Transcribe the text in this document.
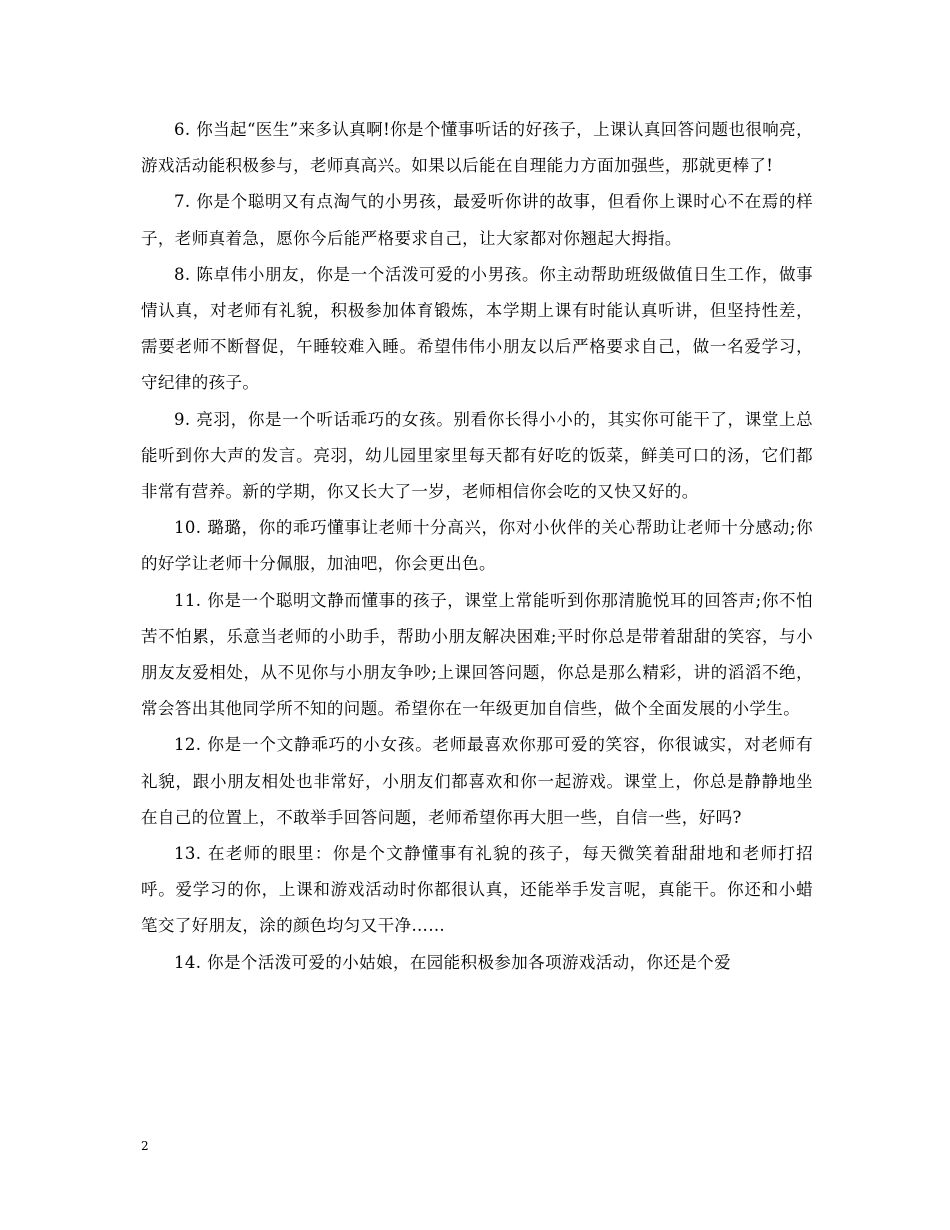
6. 你当起“医生”来多认真啊!你是个懂事听话的好孩子，上课认真回答问题也很响亮，游戏活动能积极参与，老师真高兴。如果以后能在自理能力方面加强些，那就更棒了!

7. 你是个聪明又有点淘气的小男孩，最爱听你讲的故事，但看你上课时心不在焉的样子，老师真着急，愿你今后能严格要求自己，让大家都对你翘起大拇指。

8. 陈卓伟小朋友，你是一个活泼可爱的小男孩。你主动帮助班级做值日生工作，做事情认真，对老师有礼貌，积极参加体育锻炼，本学期上课有时能认真听讲，但坚持性差，需要老师不断督促，午睡较难入睡。希望伟伟小朋友以后严格要求自己，做一名爱学习，守纪律的孩子。

9. 亮羽，你是一个听话乖巧的女孩。别看你长得小小的，其实你可能干了，课堂上总能听到你大声的发言。亮羽，幼儿园里家里每天都有好吃的饭菜，鲜美可口的汤，它们都非常有营养。新的学期，你又长大了一岁，老师相信你会吃的又快又好的。

10. 璐璐，你的乖巧懂事让老师十分高兴，你对小伙伴的关心帮助让老师十分感动;你的好学让老师十分佩服，加油吧，你会更出色。

11. 你是一个聪明文静而懂事的孩子，课堂上常能听到你那清脆悦耳的回答声;你不怕苦不怕累，乐意当老师的小助手，帮助小朋友解决困难;平时你总是带着甜甜的笑容，与小朋友友爱相处，从不见你与小朋友争吵;上课回答问题，你总是那么精彩，讲的滔滔不绝，常会答出其他同学所不知的问题。希望你在一年级更加自信些，做个全面发展的小学生。

12. 你是一个文静乖巧的小女孩。老师最喜欢你那可爱的笑容，你很诚实，对老师有礼貌，跟小朋友相处也非常好，小朋友们都喜欢和你一起游戏。课堂上，你总是静静地坐在自己的位置上，不敢举手回答问题，老师希望你再大胆一些，自信一些，好吗?

13. 在老师的眼里：你是个文静懂事有礼貌的孩子，每天微笑着甜甜地和老师打招呼。爱学习的你，上课和游戏活动时你都很认真，还能举手发言呢，真能干。你还和小蜡笔交了好朋友，涂的颜色均匀又干净……

14. 你是个活泼可爱的小姑娘，在园能积极参加各项游戏活动，你还是个爱

2
